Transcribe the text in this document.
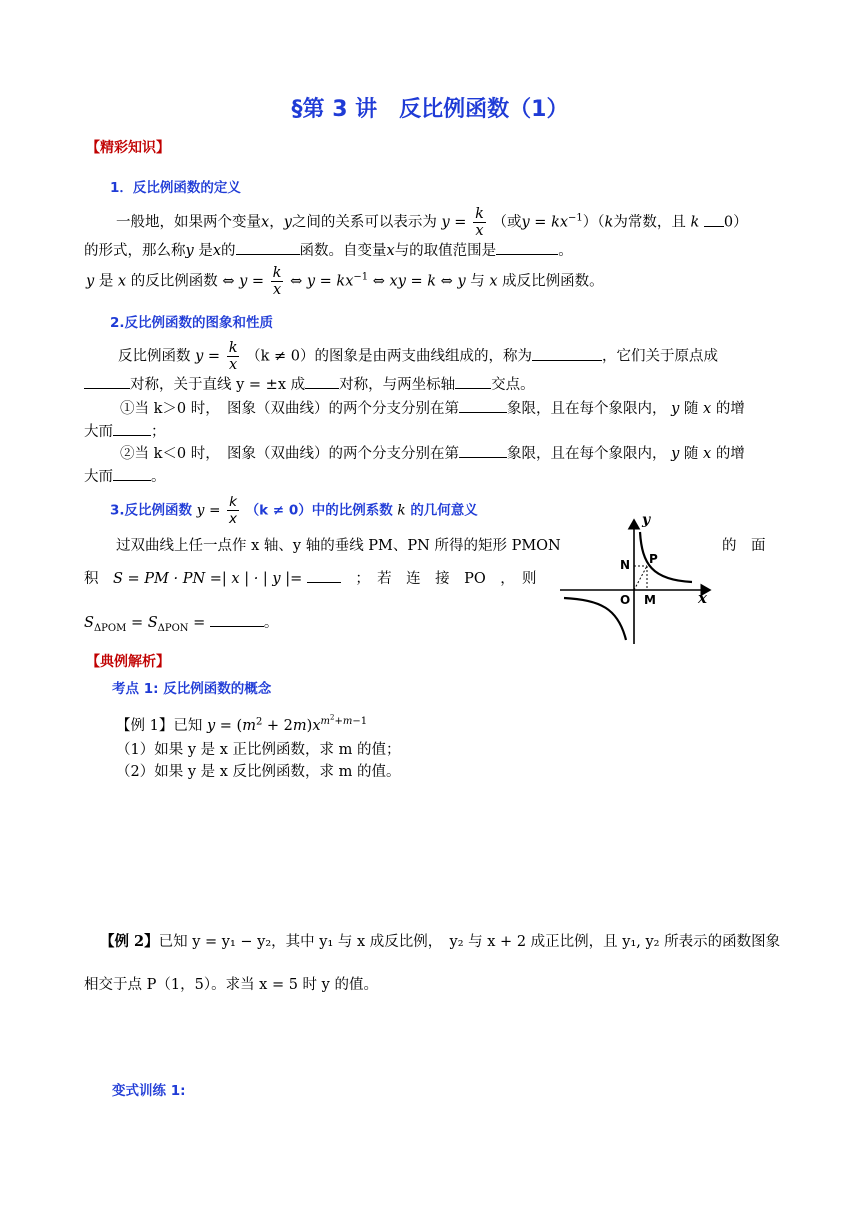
§第 3 讲　反比例函数（1）
【精彩知识】
1．反比例函数的定义
一般地，如果两个变量x，y之间的关系可以表示为 $y = \frac{k}{x}$ （或$y = kx^{-1})(k$为常数，且 k 0）
的形式，那么称y 是x的	函数。自变量x与的取值范围是	。
y 是 x 的反比例函数 ⇔ $y = \frac{k}{x}$ ⇔ $y = kx^{-1}$ ⇔ xy = k ⇔ y 与 x 成反比例函数。
2.反比例函数的图象和性质
反比例函数 $y = \frac{k}{x} (k \ne 0)$的图象是由两支曲线组成的，称为	，它们关于原点成
对称，关于直线 y = ±x 成 对称，与两坐标轴 交点。
①当 k＞0 时，　图象（双曲线）的两个分支分别在第	象限，且在每个象限内， y 随 x 的增
大而	；
②当 k＜0 时，　图象（双曲线）的两个分支分别在第	象限，且在每个象限内， y 随 x 的增
大而	。
3.反比例函数 $y = \frac{k}{x} (k \ne 0)$中的比例系数 k 的几何意义
过双曲线上任一点作 x 轴、y 轴的垂线 PM、PN 所得的矩形 PMON	的　面
积　 S = PM · PN =| x | · | y |= 　	；　若　连　接　PO　，　则
$S_{\Delta POM} = S_{\Delta PON}$ =	。
y
x
O
N P
M
【典例解析】
考点 1: 反比例函数的概念
【例 1】已知 $y = (m^2 + 2m)x^{m^2+m-1}$
（1）如果 y 是 x 正比例函数，求 m 的值；
（2）如果 y 是 x 反比例函数，求 m 的值。
【例 2】已知 y = y₁ − y₂，其中 y₁ 与 x 成反比例，　y₂ 与 x + 2 成正比例，且 y₁, y₂ 所表示的函数图象
相交于点 P（1，5）。求当 x = 5 时 y 的值。
变式训练 1:
